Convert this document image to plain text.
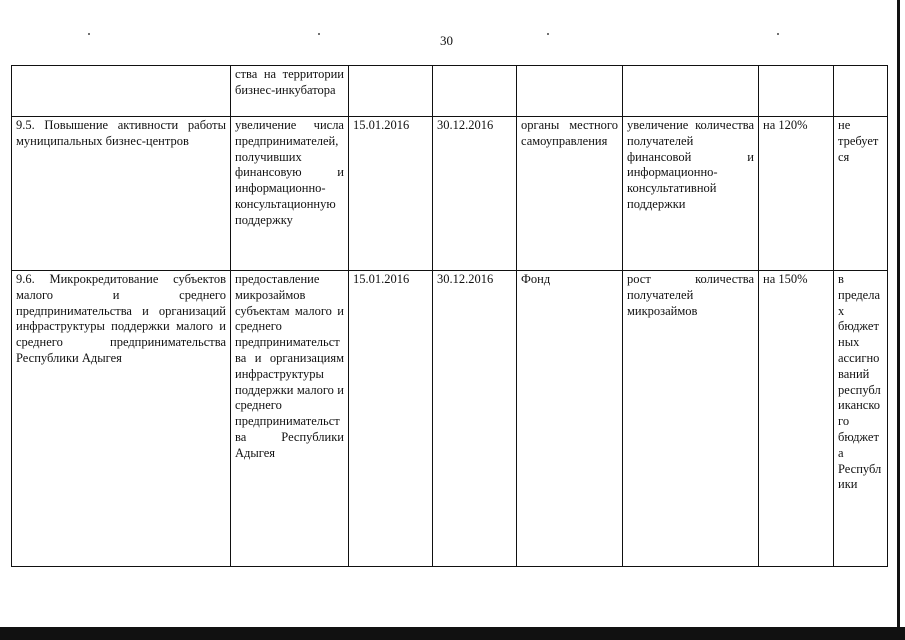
30

	ства на территории бизнес-инкубатора						

9.5. Повышение активности работы муниципальных бизнес-центров	увеличение числа предпринимателей, получивших финансовую и информационно-консультационную поддержку	15.01.2016	30.12.2016	органы местного самоуправления	увеличение количества получателей финансовой и информационно-консультативной поддержки	на 120%	не требуется

9.6. Микрокредитование субъектов малого и среднего предпринимательства и организаций инфраструктуры поддержки малого и среднего предпринимательства Республики Адыгея	предоставление микрозаймов субъектам малого и среднего предпринимательства и организациям инфраструктуры поддержки малого и среднего предпринимательства Республики Адыгея	15.01.2016	30.12.2016	Фонд	рост количества получателей микрозаймов	на 150%	в пределах бюджетных ассигнований республиканского бюджета Республики
